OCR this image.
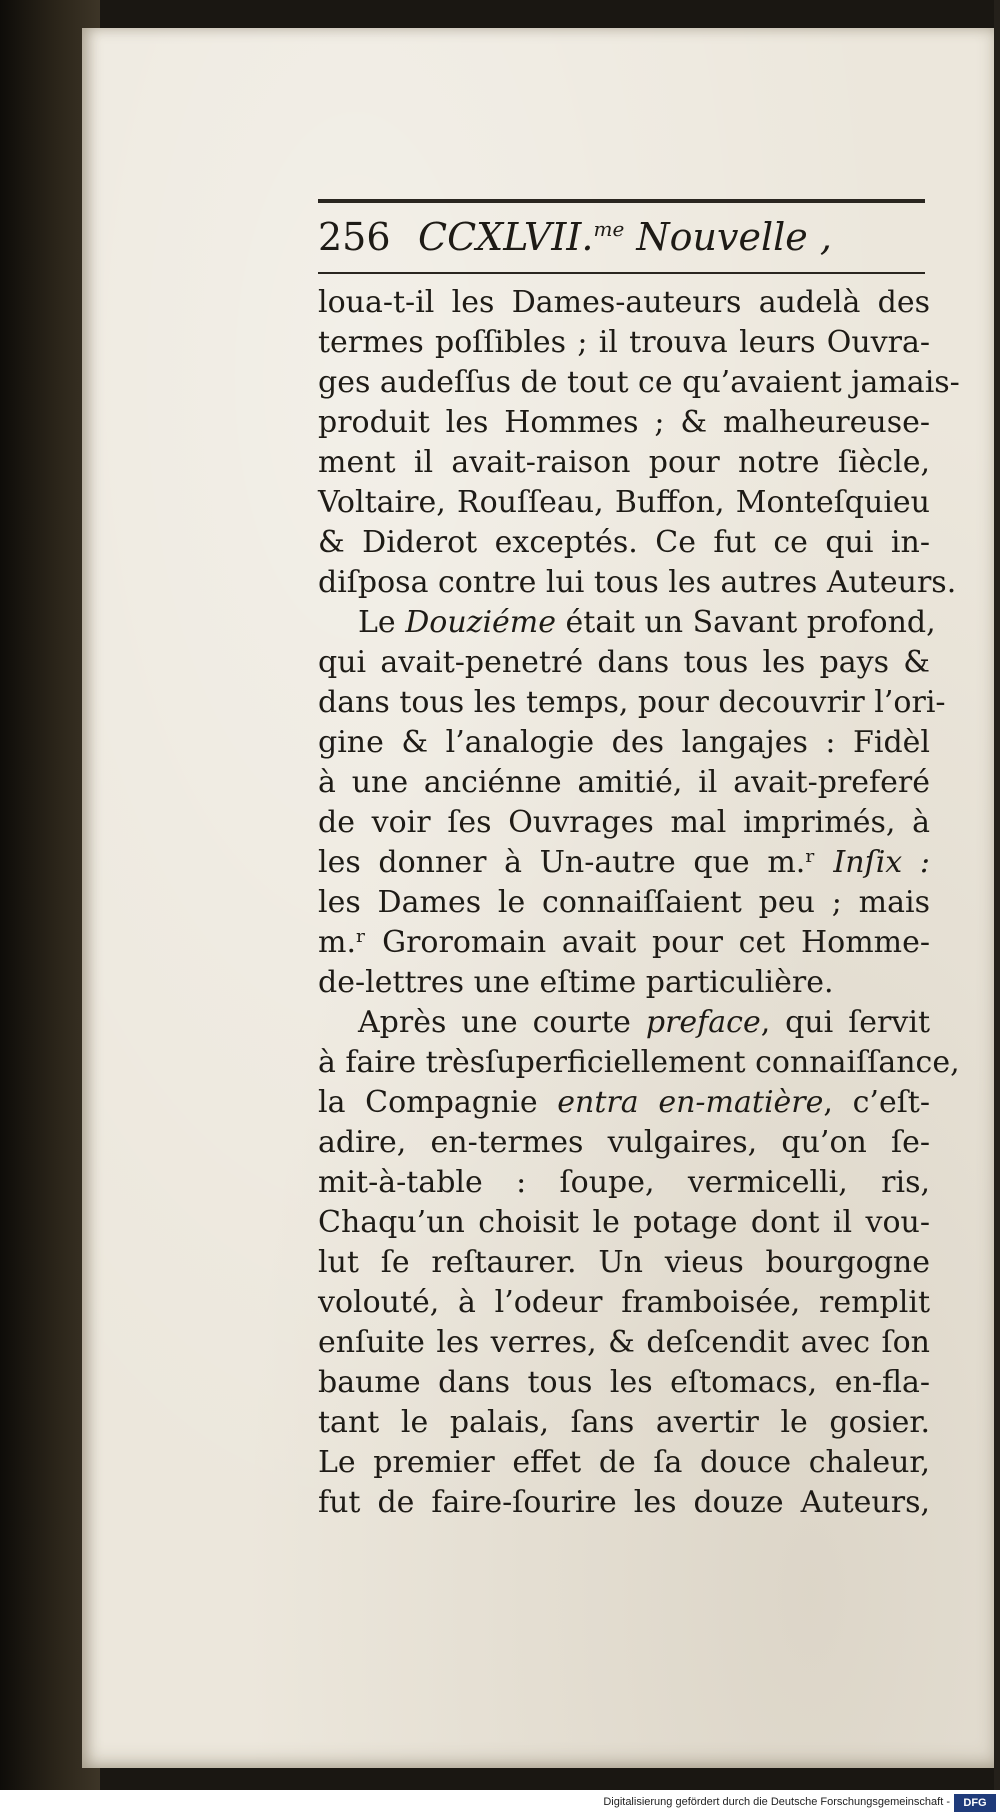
256 CCXLVII.$^{me}$ Nouvelle ,
loua-t-il les Dames-auteurs audelà des
termes poſſibles ; il trouva leurs Ouvra-
ges audeſſus de tout ce qu’avaient jamais-
produit les Hommes ; & malheureuse-
ment il avait-raison pour notre ſiècle,
Voltaire, Rouſſeau, Buffon, Monteſquieu
& Diderot exceptés. Ce fut ce qui in-
diſposa contre lui tous les autres Auteurs.
Le Douziéme était un Savant profond,
qui avait-penetré dans tous les pays &
dans tous les temps, pour decouvrir l’ori-
gine & l’analogie des langajes : Fidèl
à une anciénne amitié, il avait-preferé
de voir ſes Ouvrages mal imprimés, à
les donner à Un-autre que m.ʳ Inſix :
les Dames le connaiſſaient peu ; mais
m.ʳ Groromain avait pour cet Homme-
de-lettres une eſtime particulière.
Après une courte preface, qui ſervit
à faire trèsſuperficiellement connaiſſance,
la Compagnie entra en-matière, c’eſt-
adire, en-termes vulgaires, qu’on ſe-
mit-à-table : ſoupe, vermicelli, ris,
Chaqu’un choisit le potage dont il vou-
lut ſe reſtaurer. Un vieus bourgogne
volouté, à l’odeur framboisée, remplit
enſuite les verres, & deſcendit avec ſon
baume dans tous les eſtomacs, en-fla-
tant le palais, ſans avertir le gosier.
Le premier effet de ſa douce chaleur,
fut de faire-ſourire les douze Auteurs,
Digitalisierung gefördert durch die Deutsche Forschungsgemeinschaft -	DFG
